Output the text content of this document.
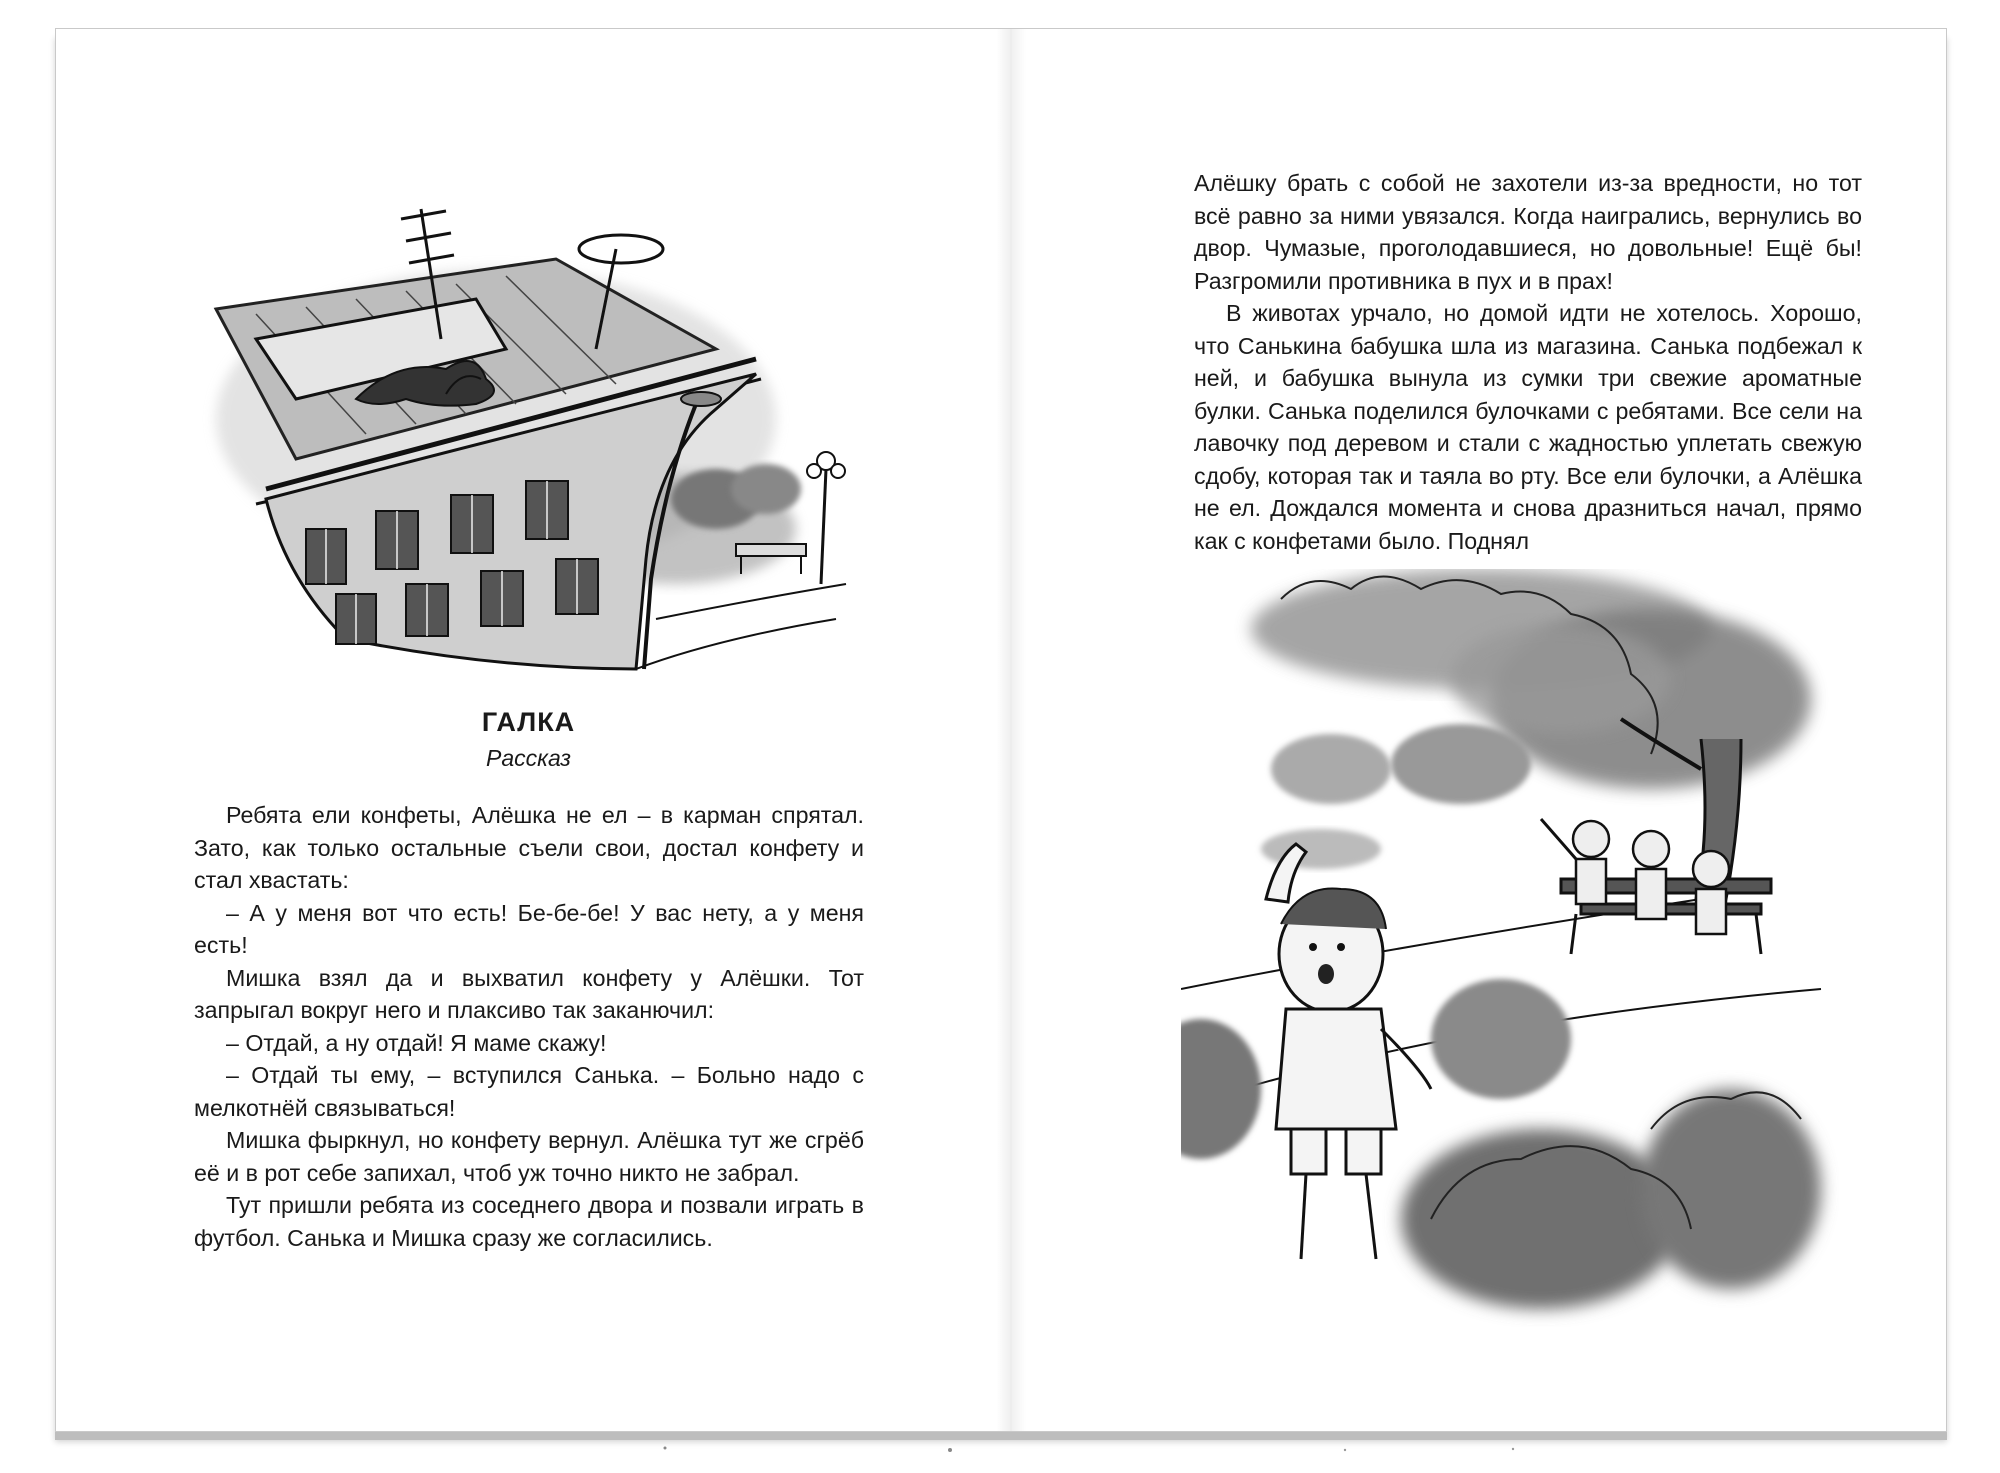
ГАЛКА
Рассказ

Ребята ели конфеты, Алёшка не ел – в карман спрятал. Зато, как только остальные съели свои, достал конфету и стал хвастать:

– А у меня вот что есть! Бе-бе-бе! У вас нету, а у меня есть!

Мишка взял да и выхватил конфету у Алёшки. Тот запрыгал вокруг него и плаксиво так заканючил:

– Отдай, а ну отдай! Я маме скажу!

– Отдай ты ему, – вступился Санька. – Больно надо с мелкотнёй связываться!

Мишка фыркнул, но конфету вернул. Алёшка тут же сгрёб её и в рот себе запихал, чтоб уж точно никто не забрал.

Тут пришли ребята из соседнего двора и позвали играть в футбол. Санька и Мишка сразу же согласились.

Алёшку брать с собой не захотели из-за вредности, но тот всё равно за ними увязался. Когда наигрались, вернулись во двор. Чумазые, проголодавшиеся, но довольные! Ещё бы! Разгромили противника в пух и в прах!

В животах урчало, но домой идти не хотелось. Хорошо, что Санькина бабушка шла из магазина. Санька подбежал к ней, и бабушка вынула из сумки три свежие ароматные булки. Санька поделился булочками с ребятами. Все сели на лавочку под деревом и стали с жадностью уплетать свежую сдобу, которая так и таяла во рту. Все ели булочки, а Алёшка не ел. Дождался момента и снова дразниться начал, прямо как с конфетами было. Поднял
